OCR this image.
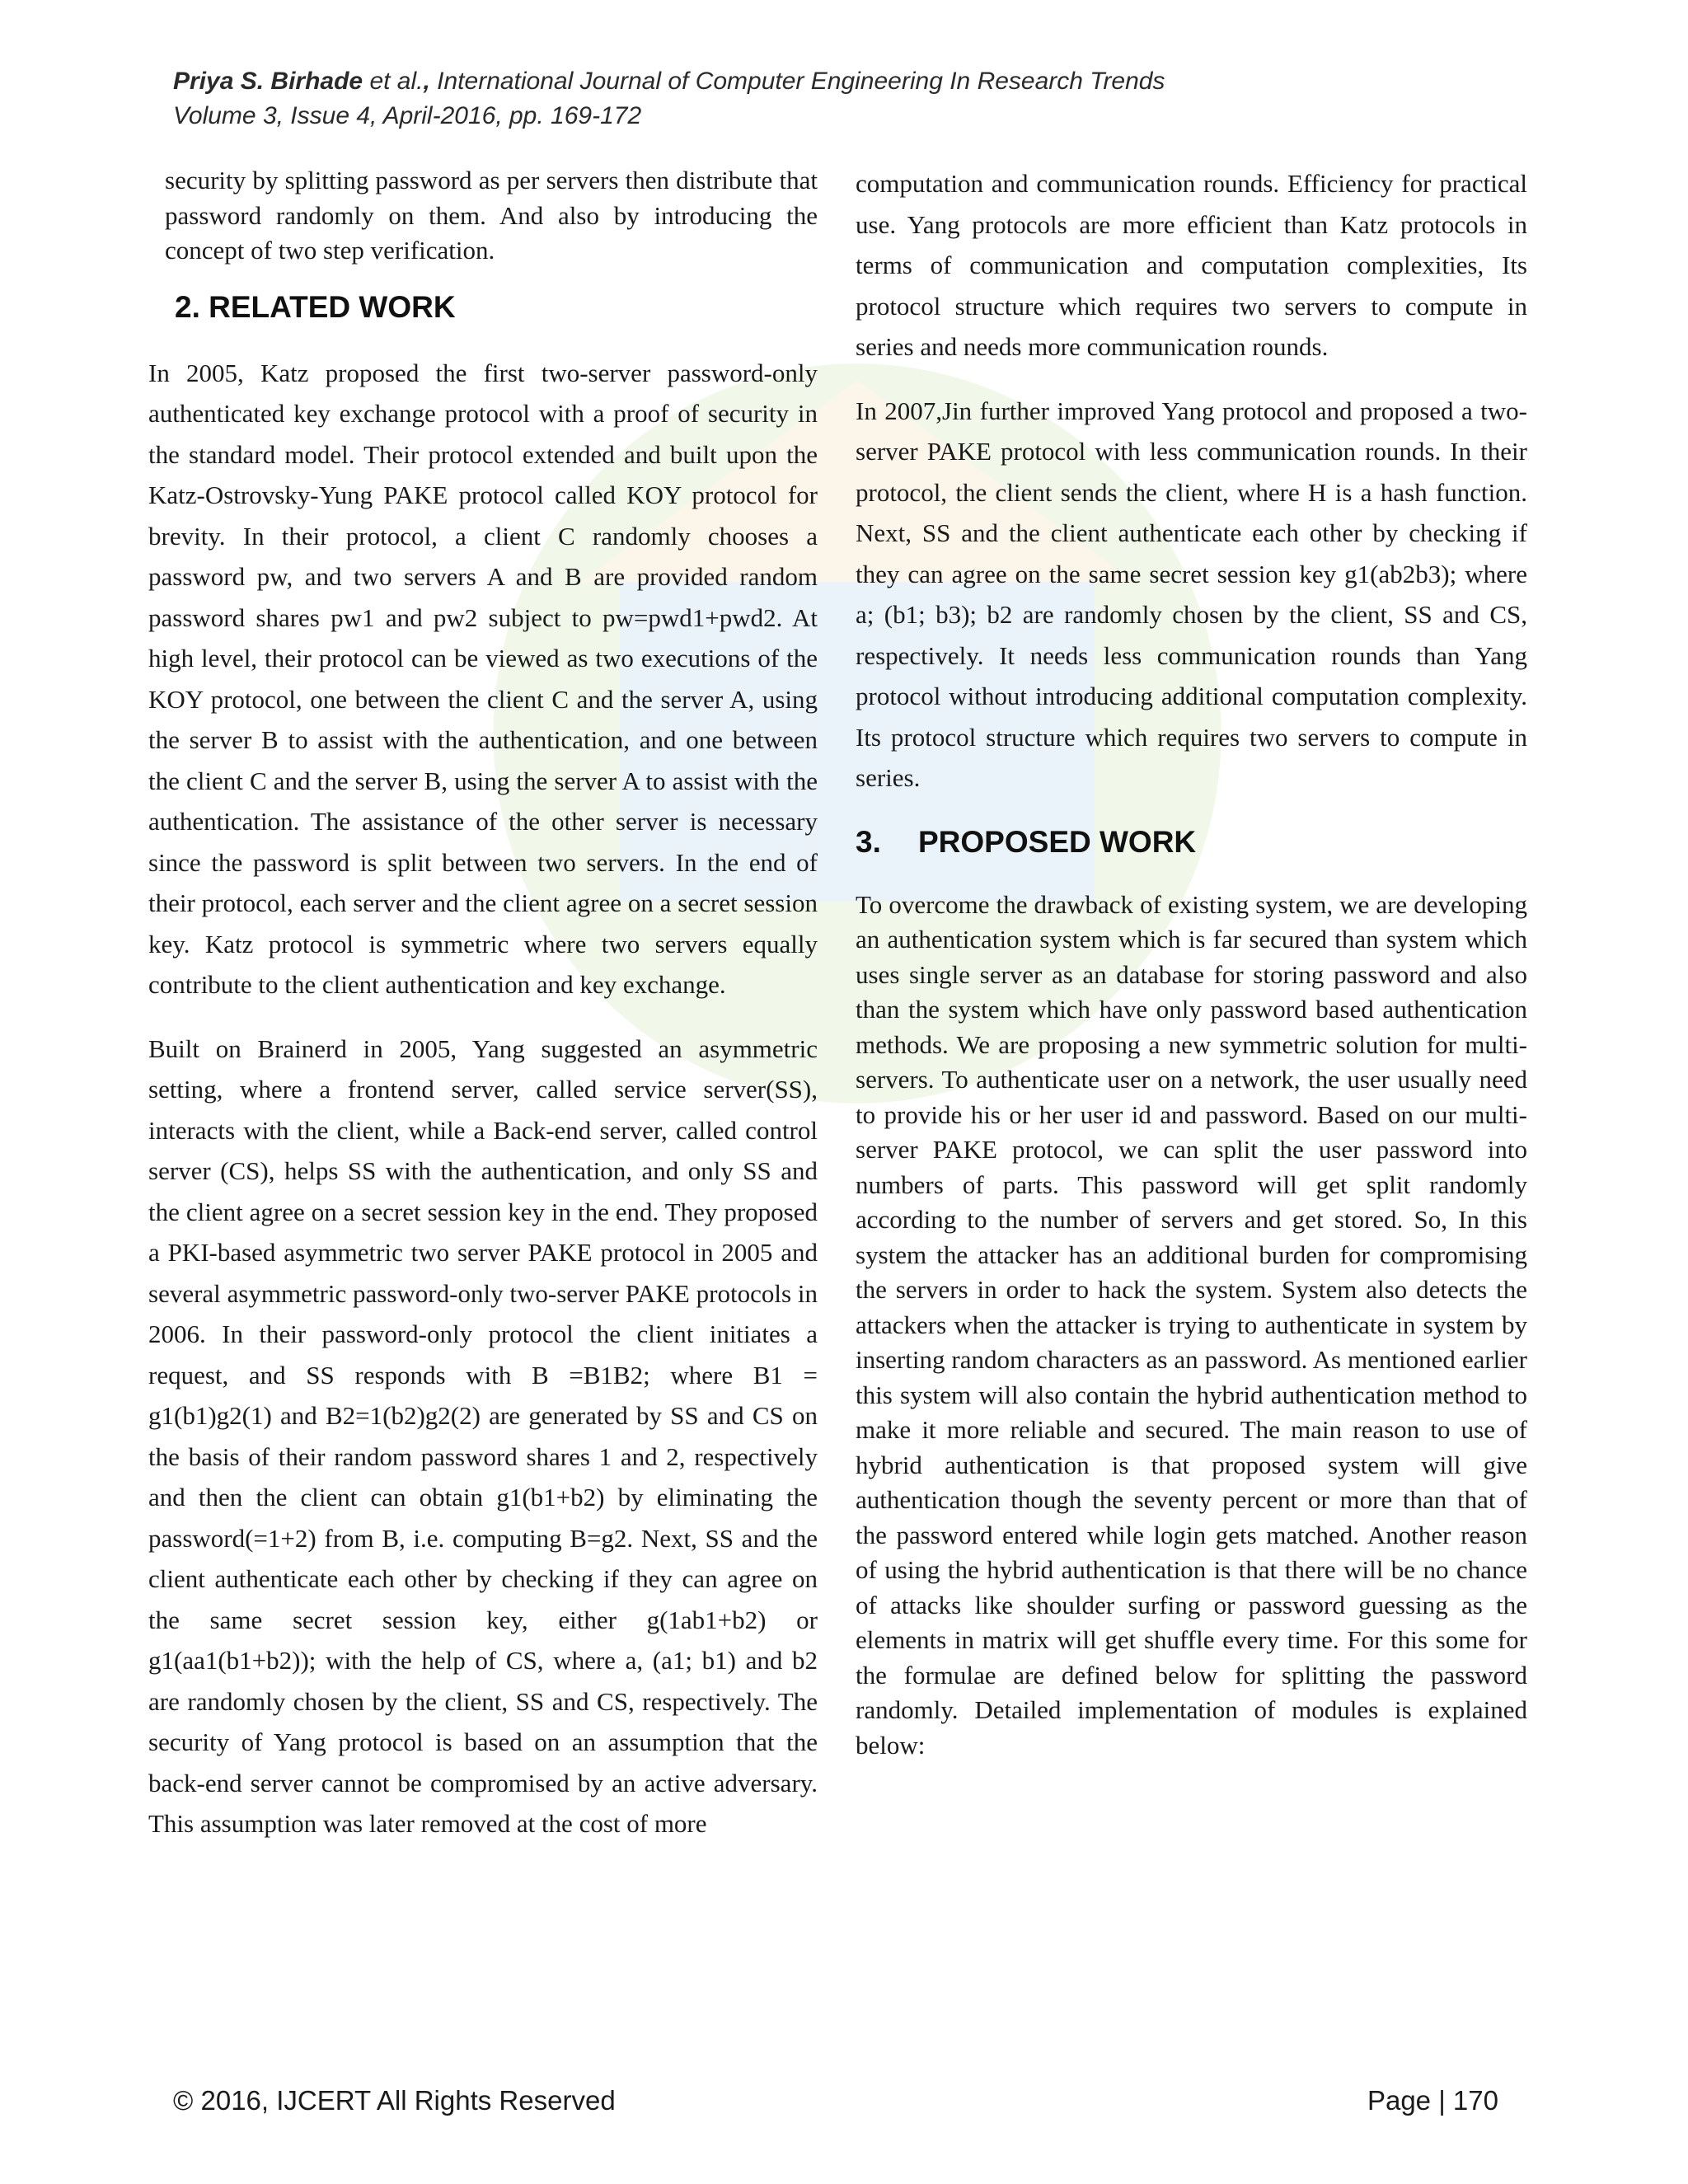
Priya S. Birhade et al., International Journal of Computer Engineering In Research Trends
Volume 3, Issue 4, April-2016, pp. 169-172

security by splitting password as per servers then distribute that password randomly on them. And also by introducing the concept of two step verification.

2. RELATED WORK

In 2005, Katz proposed the first two-server password-only authenticated key exchange protocol with a proof of security in the standard model. Their protocol extended and built upon the Katz-Ostrovsky-Yung PAKE protocol called KOY protocol for brevity. In their protocol, a client C randomly chooses a password pw, and two servers A and B are provided random password shares pw1 and pw2 subject to pw=pwd1+pwd2. At high level, their protocol can be viewed as two executions of the KOY protocol, one between the client C and the server A, using the server B to assist with the authentication, and one between the client C and the server B, using the server A to assist with the authentication. The assistance of the other server is necessary since the password is split between two servers. In the end of their protocol, each server and the client agree on a secret session key. Katz protocol is symmetric where two servers equally contribute to the client authentication and key exchange.

Built on Brainerd in 2005, Yang suggested an asymmetric setting, where a frontend server, called service server(SS), interacts with the client, while a Back-end server, called control server (CS), helps SS with the authentication, and only SS and the client agree on a secret session key in the end. They proposed a PKI-based asymmetric two server PAKE protocol in 2005 and several asymmetric password-only two-server PAKE protocols in 2006. In their password-only protocol the client initiates a request, and SS responds with B =B1B2; where B1 = g1(b1)g2(1) and B2=1(b2)g2(2) are generated by SS and CS on the basis of their random password shares 1 and 2, respectively and then the client can obtain g1(b1+b2) by eliminating the password(=1+2) from B, i.e. computing B=g2. Next, SS and the client authenticate each other by checking if they can agree on the same secret session key, either g(1ab1+b2) or g1(aa1(b1+b2)); with the help of CS, where a, (a1; b1) and b2 are randomly chosen by the client, SS and CS, respectively. The security of Yang protocol is based on an assumption that the back-end server cannot be compromised by an active adversary. This assumption was later removed at the cost of more

computation and communication rounds. Efficiency for practical use. Yang protocols are more efficient than Katz protocols in terms of communication and computation complexities, Its protocol structure which requires two servers to compute in series and needs more communication rounds.

In 2007,Jin further improved Yang protocol and proposed a two-server PAKE protocol with less communication rounds. In their protocol, the client sends the client, where H is a hash function. Next, SS and the client authenticate each other by checking if they can agree on the same secret session key g1(ab2b3); where a; (b1; b3); b2 are randomly chosen by the client, SS and CS, respectively. It needs less communication rounds than Yang protocol without introducing additional computation complexity. Its protocol structure which requires two servers to compute in series.

3. PROPOSED WORK

To overcome the drawback of existing system, we are developing an authentication system which is far secured than system which uses single server as an database for storing password and also than the system which have only password based authentication methods. We are proposing a new symmetric solution for multi-servers. To authenticate user on a network, the user usually need to provide his or her user id and password. Based on our multi-server PAKE protocol, we can split the user password into numbers of parts. This password will get split randomly according to the number of servers and get stored. So, In this system the attacker has an additional burden for compromising the servers in order to hack the system. System also detects the attackers when the attacker is trying to authenticate in system by inserting random characters as an password. As mentioned earlier this system will also contain the hybrid authentication method to make it more reliable and secured. The main reason to use of hybrid authentication is that proposed system will give authentication though the seventy percent or more than that of the password entered while login gets matched. Another reason of using the hybrid authentication is that there will be no chance of attacks like shoulder surfing or password guessing as the elements in matrix will get shuffle every time. For this some for the formulae are defined below for splitting the password randomly. Detailed implementation of modules is explained below:

© 2016, IJCERT All Rights Reserved	Page | 170
